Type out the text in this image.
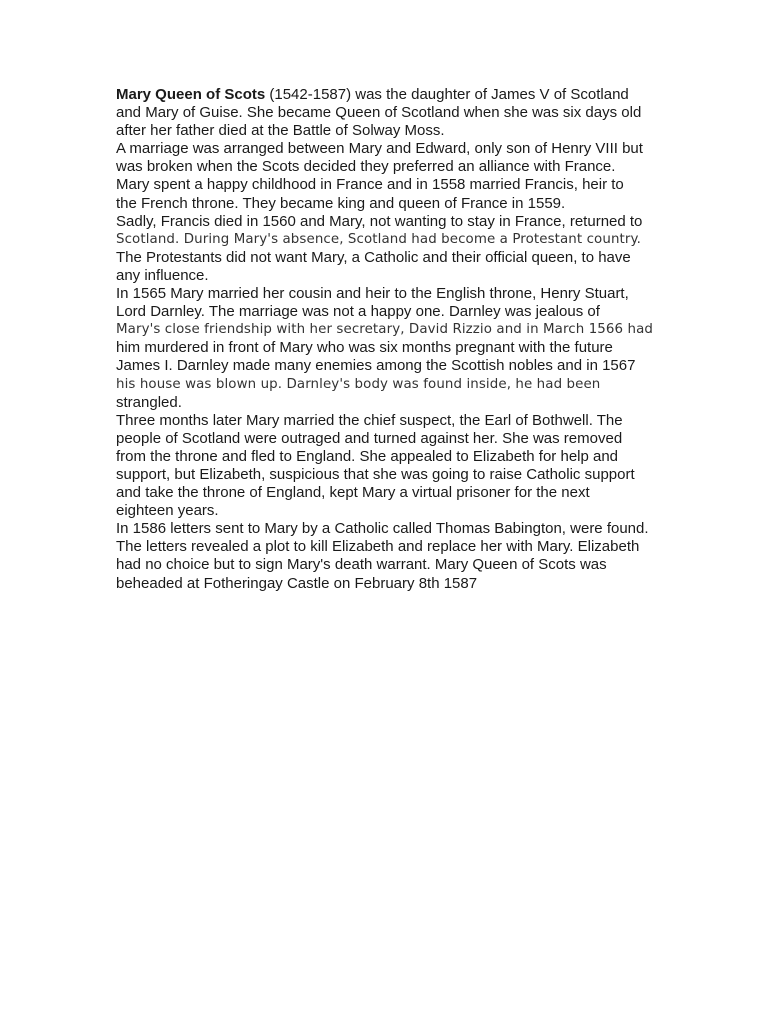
Mary Queen of Scots (1542-1587) was the daughter of James V of Scotland
and Mary of Guise. She became Queen of Scotland when she was six days old
after her father died at the Battle of Solway Moss.
A marriage was arranged between Mary and Edward, only son of Henry VIII but
was broken when the Scots decided they preferred an alliance with France.
Mary spent a happy childhood in France and in 1558 married Francis, heir to
the French throne. They became king and queen of France in 1559.
Sadly, Francis died in 1560 and Mary, not wanting to stay in France, returned to
Scotland. During Mary's absence, Scotland had become a Protestant country.
The Protestants did not want Mary, a Catholic and their official queen, to have
any influence.
In 1565 Mary married her cousin and heir to the English throne, Henry Stuart,
Lord Darnley. The marriage was not a happy one. Darnley was jealous of
Mary's close friendship with her secretary, David Rizzio and in March 1566 had
him murdered in front of Mary who was six months pregnant with the future
James I. Darnley made many enemies among the Scottish nobles and in 1567
his house was blown up. Darnley's body was found inside, he had been
strangled.
Three months later Mary married the chief suspect, the Earl of Bothwell. The
people of Scotland were outraged and turned against her. She was removed
from the throne and fled to England. She appealed to Elizabeth for help and
support, but Elizabeth, suspicious that she was going to raise Catholic support
and take the throne of England, kept Mary a virtual prisoner for the next
eighteen years.
In 1586 letters sent to Mary by a Catholic called Thomas Babington, were found.
The letters revealed a plot to kill Elizabeth and replace her with Mary. Elizabeth
had no choice but to sign Mary's death warrant. Mary Queen of Scots was
beheaded at Fotheringay Castle on February 8th 1587
